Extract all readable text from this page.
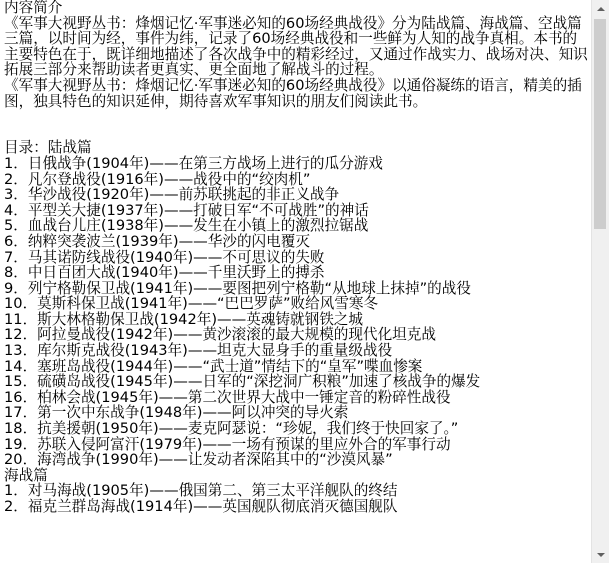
内容简介
《军事大视野丛书：烽烟记忆·军事迷必知的60场经典战役》分为陆战篇、海战篇、空战篇三篇，以时间为经，事件为纬，记录了60场经典战役和一些鲜为人知的战争真相。本书的主要特色在于，既详细地描述了各次战争中的精彩经过，又通过作战实力、战场对决、知识拓展三部分来帮助读者更真实、更全面地了解战斗的过程。
《军事大视野丛书：烽烟记忆·军事迷必知的60场经典战役》以通俗凝练的语言，精美的插图，独具特色的知识延伸，期待喜欢军事知识的朋友们阅读此书。
目录：陆战篇
1．日俄战争(1904年)——在第三方战场上进行的瓜分游戏
2．凡尔登战役(1916年)——战役中的“绞肉机”
3．华沙战役(1920年)——前苏联挑起的非正义战争
4．平型关大捷(1937年)——打破日军“不可战胜”的神话
5．血战台儿庄(1938年)——发生在小镇上的激烈拉锯战
6．纳粹突袭波兰(1939年)——华沙的闪电覆灭
7．马其诺防线战役(1940年)——不可思议的失败
8．中日百团大战(1940年)——千里沃野上的搏杀
9．列宁格勒保卫战(1941年)——要图把列宁格勒“从地球上抹掉”的战役
10．莫斯科保卫战(1941年)——“巴巴罗萨”败给风雪寒冬
11．斯大林格勒保卫战(1942年)——英魂铸就钢铁之城
12．阿拉曼战役(1942年)——黄沙滚滚的最大规模的现代化坦克战
13．库尔斯克战役(1943年)——坦克大显身手的重量级战役
14．塞班岛战役(1944年)——“武士道”情结下的“皇军”喋血惨案
15．硫磺岛战役(1945年)——日军的“深挖洞广积粮”加速了核战争的爆发
16．柏林会战(1945年)——第二次世界大战中一锤定音的粉碎性战役
17．第一次中东战争(1948年)——阿以冲突的导火索
18．抗美援朝(1950年)——麦克阿瑟说：“珍妮，我们终于快回家了。”
19．苏联入侵阿富汗(1979年)——一场有预谋的里应外合的军事行动
20．海湾战争(1990年)——让发动者深陷其中的“沙漠风暴”
海战篇
1．对马海战(1905年)——俄国第二、第三太平洋舰队的终结
2．福克兰群岛海战(1914年)——英国舰队彻底消灭德国舰队
